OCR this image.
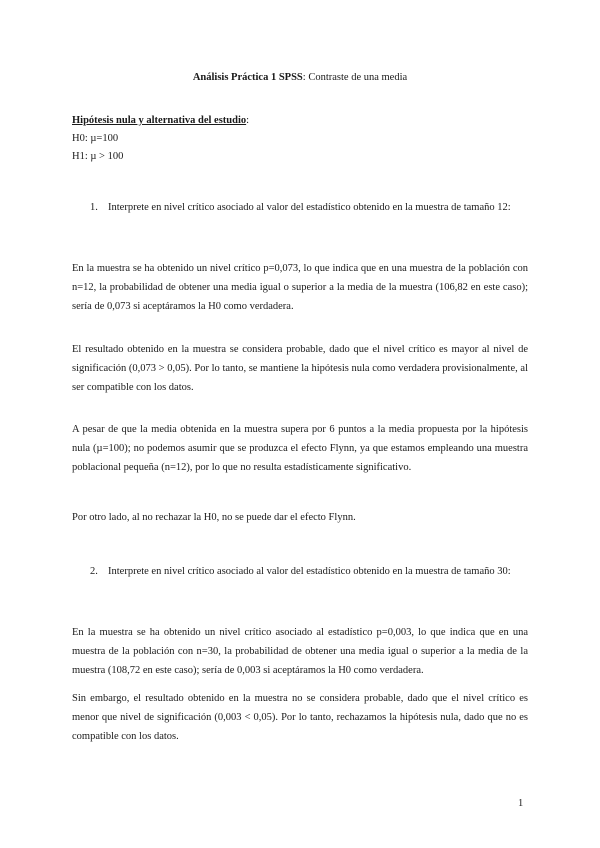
Análisis Práctica 1 SPSS: Contraste de una media
Hipótesis nula y alternativa del estudio:
H0: µ=100
H1: µ > 100
1. Interprete en nivel crítico asociado al valor del estadístico obtenido en la muestra de tamaño 12:
En la muestra se ha obtenido un nivel crítico p=0,073, lo que indica que en una muestra de la población con n=12, la probabilidad de obtener una media igual o superior a la media de la muestra (106,82 en este caso); sería de 0,073 si aceptáramos la H0 como verdadera.
El resultado obtenido en la muestra se considera probable, dado que el nivel crítico es mayor al nivel de significación (0,073 > 0,05). Por lo tanto, se mantiene la hipótesis nula como verdadera provisionalmente, al ser compatible con los datos.
A pesar de que la media obtenida en la muestra supera por 6 puntos a la media propuesta por la hipótesis nula (µ=100); no podemos asumir que se produzca el efecto Flynn, ya que estamos empleando una muestra poblacional pequeña (n=12), por lo que no resulta estadísticamente significativo.
Por otro lado, al no rechazar la H0, no se puede dar el efecto Flynn.
2. Interprete en nivel crítico asociado al valor del estadístico obtenido en la muestra de tamaño 30:
En la muestra se ha obtenido un nivel crítico asociado al estadístico p=0,003, lo que indica que en una muestra de la población con n=30, la probabilidad de obtener una media igual o superior a la media de la muestra (108,72 en este caso); sería de 0,003 si aceptáramos la H0 como verdadera.
Sin embargo, el resultado obtenido en la muestra no se considera probable, dado que el nivel crítico es menor que nivel de significación (0,003 < 0,05). Por lo tanto, rechazamos la hipótesis nula, dado que no es compatible con los datos.
1
